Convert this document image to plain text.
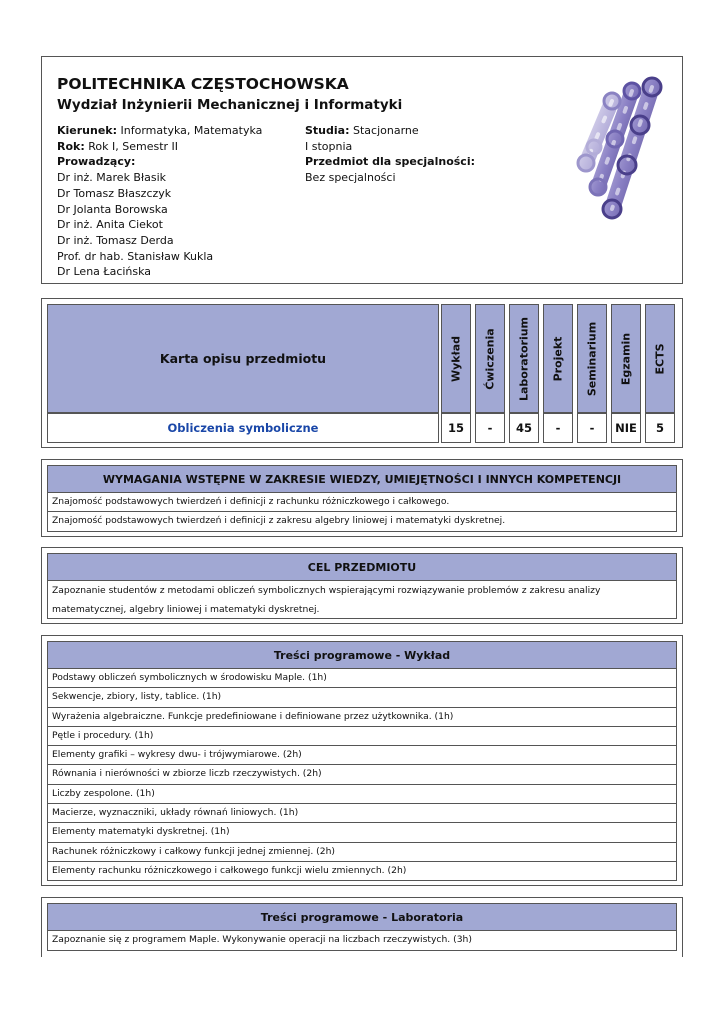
POLITECHNIKA CZĘSTOCHOWSKA
Wydział Inżynierii Mechanicznej i Informatyki
Kierunek: Informatyka, Matematyka
Rok: Rok I, Semestr II
Prowadzący:
Dr inż. Marek Błasik
Dr Tomasz Błaszczyk
Dr Jolanta Borowska
Dr inż. Anita Ciekot
Dr inż. Tomasz Derda
Prof. dr hab. Stanisław Kukla
Dr Lena Łacińska
Studia: Stacjonarne
I stopnia
Przedmiot dla specjalności:
Bez specjalności
Karta opisu przedmiotu
Obliczenia symboliczne
Wykład Ćwiczenia Laboratorium Projekt Seminarium Egzamin ECTS
15	-	45	-	-	NIE	5
WYMAGANIA WSTĘPNE W ZAKRESIE WIEDZY, UMIEJĘTNOŚCI I INNYCH KOMPETENCJI
Znajomość podstawowych twierdzeń i definicji z rachunku różniczkowego i całkowego.
Znajomość podstawowych twierdzeń i definicji z zakresu algebry liniowej i matematyki dyskretnej.
CEL PRZEDMIOTU
Zapoznanie studentów z metodami obliczeń symbolicznych wspierającymi rozwiązywanie problemów z zakresu analizy matematycznej, algebry liniowej i matematyki dyskretnej.
Treści programowe - Wykład
Podstawy obliczeń symbolicznych w środowisku Maple. (1h)
Sekwencje, zbiory, listy, tablice. (1h)
Wyrażenia algebraiczne. Funkcje predefiniowane i definiowane przez użytkownika. (1h)
Pętle i procedury. (1h)
Elementy grafiki – wykresy dwu- i trójwymiarowe. (2h)
Równania i nierówności w zbiorze liczb rzeczywistych. (2h)
Liczby zespolone. (1h)
Macierze, wyznaczniki, układy równań liniowych. (1h)
Elementy matematyki dyskretnej. (1h)
Rachunek różniczkowy i całkowy funkcji jednej zmiennej. (2h)
Elementy rachunku różniczkowego i całkowego funkcji wielu zmiennych. (2h)
Treści programowe - Laboratoria
Zapoznanie się z programem Maple. Wykonywanie operacji na liczbach rzeczywistych. (3h)
